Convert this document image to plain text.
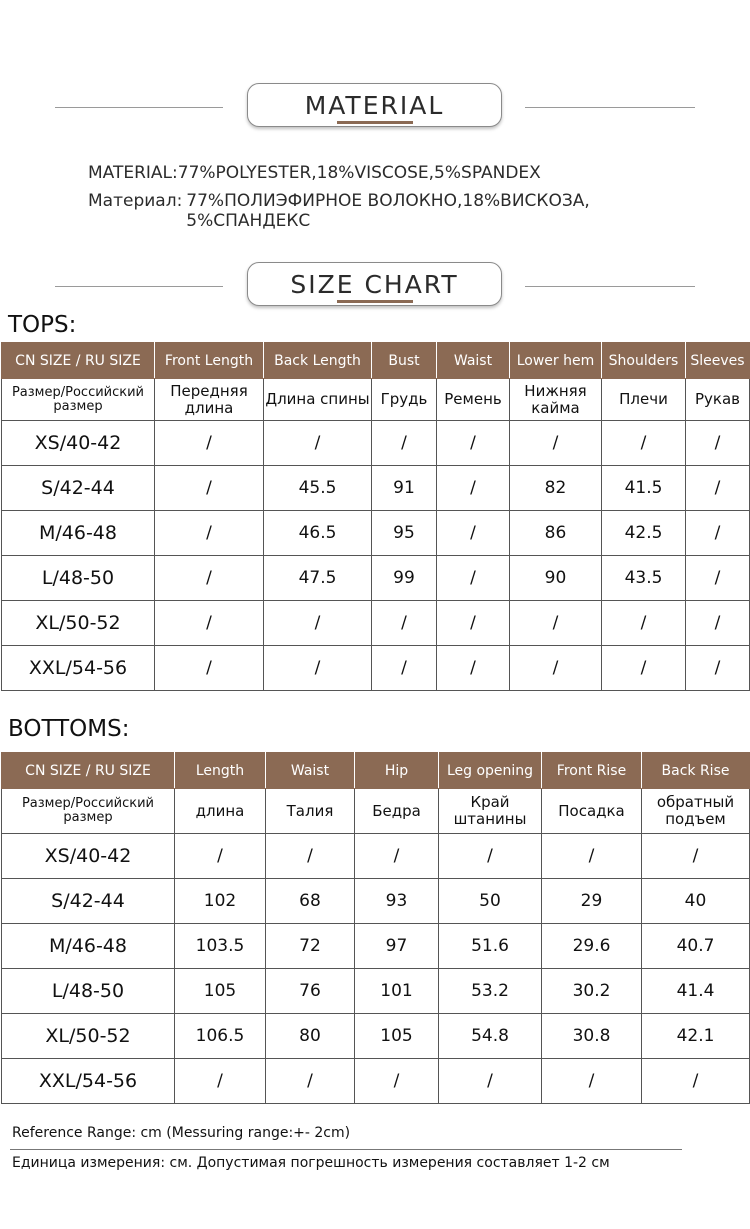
MATERIAL
MATERIAL: 77%POLYESTER,18%VISCOSE,5%SPANDEX
Материал: 77%ПОЛИЭФИРНОЕ ВОЛОКНО,18%ВИСКОЗА,
5%СПАНДЕКС
SIZE CHART
TOPS:
CN SIZE / RU SIZE	Front Length	Back Length	Bust	Waist	Lower hem	Shoulders	Sleeves
Размер/Российский размер	Передняя длина	Длина спины	Грудь	Ремень	Нижняя кайма	Плечи	Рукав
XS/40-42	/	/	/	/	/	/	/
S/42-44	/	45.5	91	/	82	41.5	/
M/46-48	/	46.5	95	/	86	42.5	/
L/48-50	/	47.5	99	/	90	43.5	/
XL/50-52	/	/	/	/	/	/	/
XXL/54-56	/	/	/	/	/	/	/
BOTTOMS:
CN SIZE / RU SIZE	Length	Waist	Hip	Leg opening	Front Rise	Back Rise
Размер/Российский размер	длина	Талия	Бедра	Край штанины	Посадка	обратный подъем
XS/40-42	/	/	/	/	/	/
S/42-44	102	68	93	50	29	40
M/46-48	103.5	72	97	51.6	29.6	40.7
L/48-50	105	76	101	53.2	30.2	41.4
XL/50-52	106.5	80	105	54.8	30.8	42.1
XXL/54-56	/	/	/	/	/	/
Reference Range: cm (Messuring range:+- 2cm)
Единица измерения: см. Допустимая погрешность измерения составляет 1-2 см
